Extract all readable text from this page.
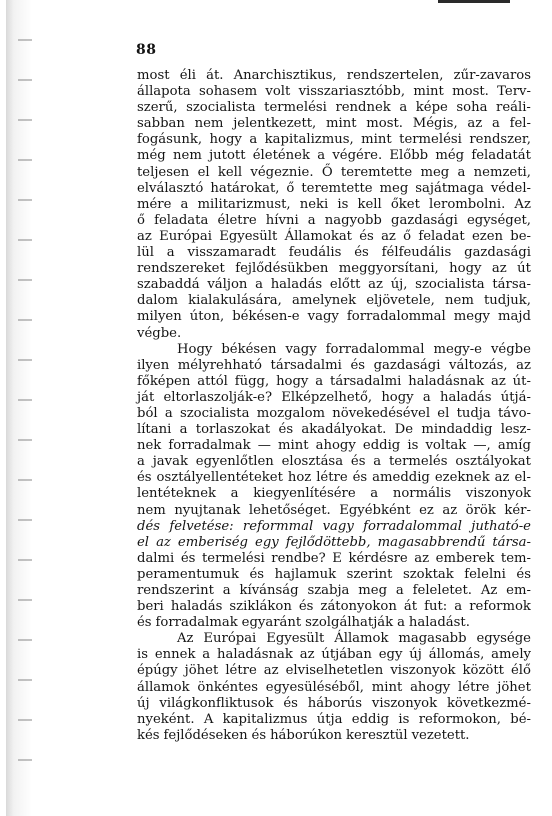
88
most éli át. Anarchisztikus, rendszertelen, zűr-zavaros
állapota sohasem volt visszariasztóbb, mint most. Terv-
szerű, szocialista termelési rendnek a képe soha reáli-
sabban nem jelentkezett, mint most. Mégis, az a fel-
fogásunk, hogy a kapitalizmus, mint termelési rendszer,
még nem jutott életének a végére. Előbb még feladatát
teljesen el kell végeznie. Ő teremtette meg a nemzeti,
elválasztó határokat, ő teremtette meg sajátmaga védel-
mére a militarizmust, neki is kell őket lerombolni. Az
ő feladata életre hívni a nagyobb gazdasági egységet,
az Európai Egyesült Államokat és az ő feladat ezen be-
lül a visszamaradt feudális és félfeudális gazdasági
rendszereket fejlődésükben meggyorsítani, hogy az út
szabaddá váljon a haladás előtt az új, szocialista társa-
dalom kialakulására, amelynek eljövetele, nem tudjuk,
milyen úton, békésen-e vagy forradalommal megy majd
végbe.
Hogy békésen vagy forradalommal megy-e végbe
ilyen mélyrehható társadalmi és gazdasági változás, az
főképen attól függ, hogy a társadalmi haladásnak az út-
ját eltorlaszolják-e? Elképzelhető, hogy a haladás útjá-
ból a szocialista mozgalom növekedésével el tudja távo-
lítani a torlaszokat és akadályokat. De mindaddig lesz-
nek forradalmak — mint ahogy eddig is voltak —, amíg
a javak egyenlőtlen elosztása és a termelés osztályokat
és osztályellentéteket hoz létre és ameddig ezeknek az el-
lentéteknek a kiegyenlítésére a normális viszonyok
nem nyujtanak lehetőséget. Egyébként ez az örök kér-
dés felvetése: reformmal vagy forradalommal jutható-e
el az emberiség egy fejlődöttebb, magasabbrendű társa-
dalmi és termelési rendbe? E kérdésre az emberek tem-
peramentumuk és hajlamuk szerint szoktak felelni és
rendszerint a kívánság szabja meg a feleletet. Az em-
beri haladás sziklákon és zátonyokon át fut: a reformok
és forradalmak egyaránt szolgálhatják a haladást.
Az Európai Egyesült Államok magasabb egysége
is ennek a haladásnak az útjában egy új állomás, amely
épúgy jöhet létre az elviselhetetlen viszonyok között élő
államok önkéntes egyesüléséből, mint ahogy létre jöhet
új világkonfliktusok és háborús viszonyok következmé-
nyeként. A kapitalizmus útja eddig is reformokon, bé-
kés fejlődéseken és háborúkon keresztül vezetett.
